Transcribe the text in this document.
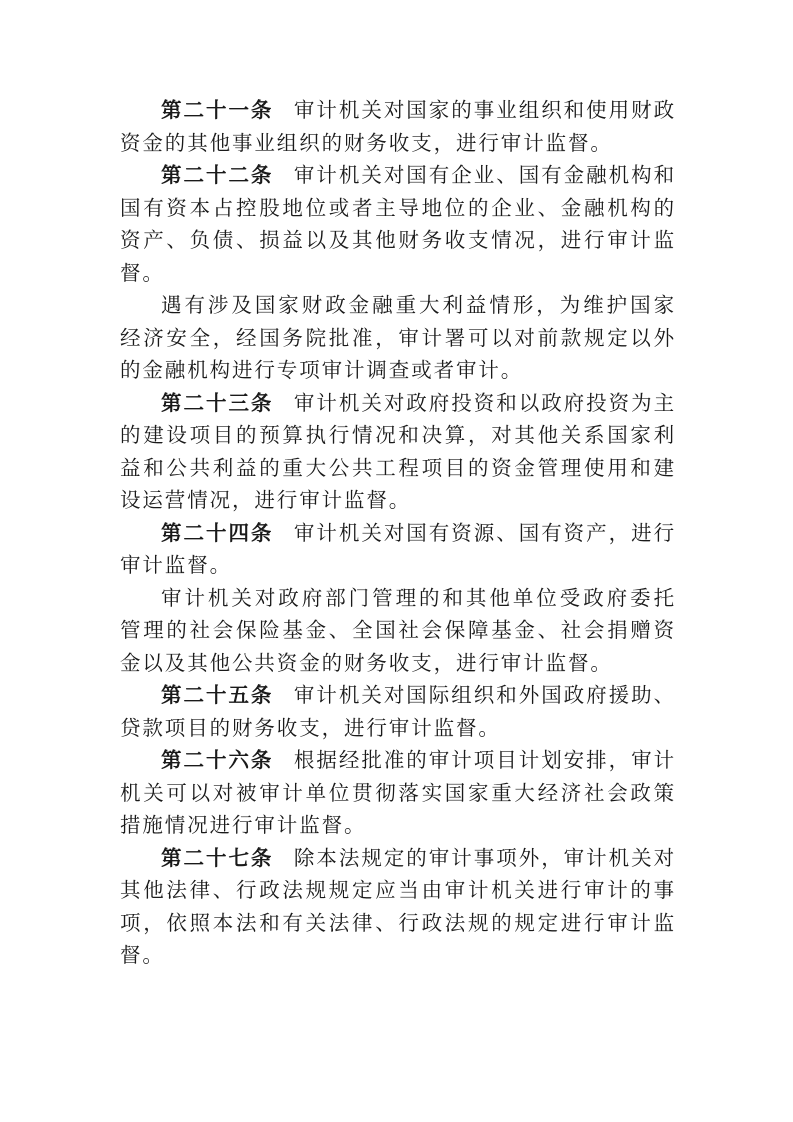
第二十一条 审计机关对国家的事业组织和使用财政资金的其他事业组织的财务收支，进行审计监督。

第二十二条 审计机关对国有企业、国有金融机构和国有资本占控股地位或者主导地位的企业、金融机构的资产、负债、损益以及其他财务收支情况，进行审计监督。

遇有涉及国家财政金融重大利益情形，为维护国家经济安全，经国务院批准，审计署可以对前款规定以外的金融机构进行专项审计调查或者审计。

第二十三条 审计机关对政府投资和以政府投资为主的建设项目的预算执行情况和决算，对其他关系国家利益和公共利益的重大公共工程项目的资金管理使用和建设运营情况，进行审计监督。

第二十四条 审计机关对国有资源、国有资产，进行审计监督。

审计机关对政府部门管理的和其他单位受政府委托管理的社会保险基金、全国社会保障基金、社会捐赠资金以及其他公共资金的财务收支，进行审计监督。

第二十五条 审计机关对国际组织和外国政府援助、贷款项目的财务收支，进行审计监督。

第二十六条 根据经批准的审计项目计划安排，审计机关可以对被审计单位贯彻落实国家重大经济社会政策措施情况进行审计监督。

第二十七条 除本法规定的审计事项外，审计机关对其他法律、行政法规规定应当由审计机关进行审计的事项，依照本法和有关法律、行政法规的规定进行审计监督。
